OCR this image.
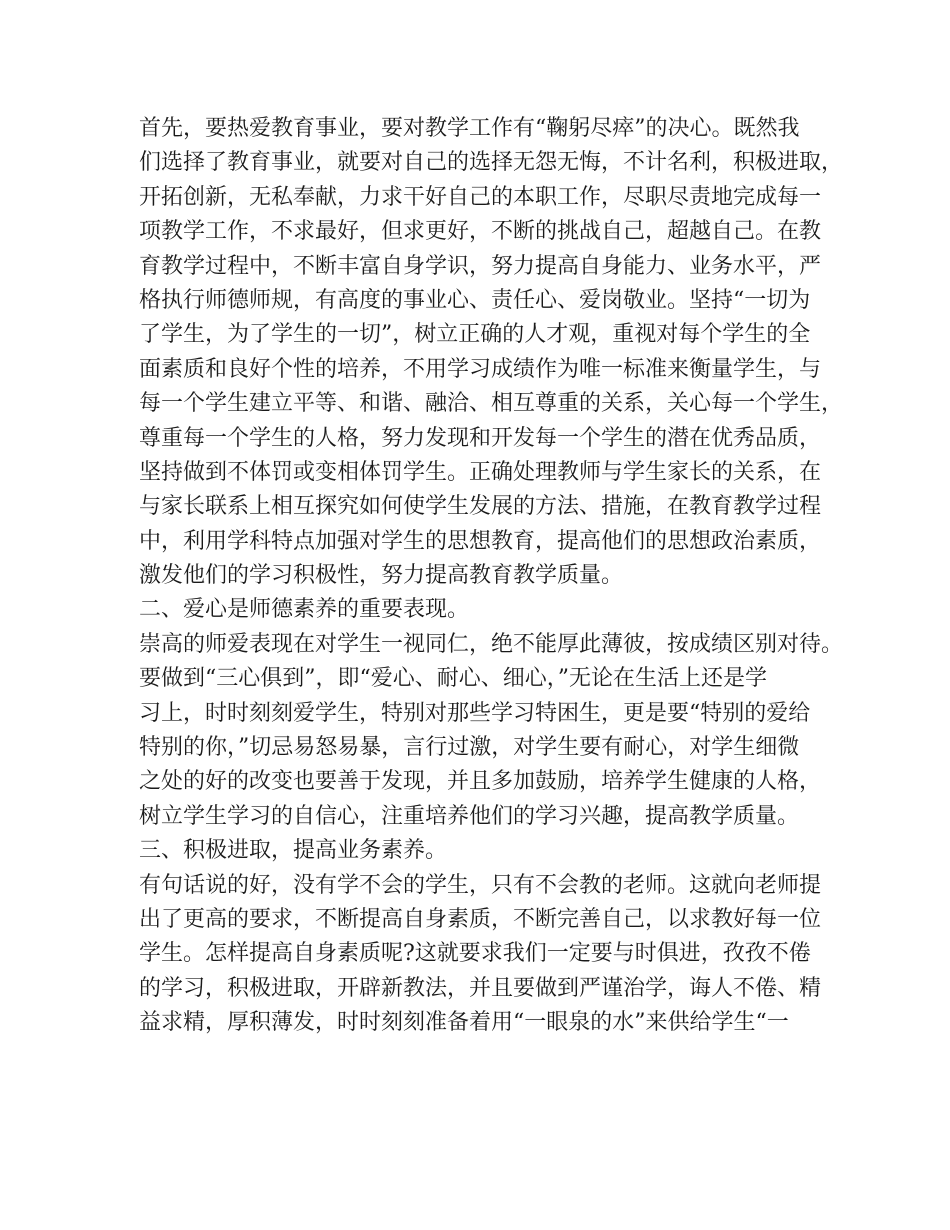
首先，要热爱教育事业，要对教学工作有“鞠躬尽瘁”的决心。既然我
们选择了教育事业，就要对自己的选择无怨无悔，不计名利，积极进取，
开拓创新，无私奉献，力求干好自己的本职工作，尽职尽责地完成每一
项教学工作，不求最好，但求更好，不断的挑战自己，超越自己。在教
育教学过程中，不断丰富自身学识，努力提高自身能力、业务水平，严
格执行师德师规，有高度的事业心、责任心、爱岗敬业。坚持“一切为
了学生，为了学生的一切”，树立正确的人才观，重视对每个学生的全
面素质和良好个性的培养，不用学习成绩作为唯一标准来衡量学生，与
每一个学生建立平等、和谐、融洽、相互尊重的关系，关心每一个学生，
尊重每一个学生的人格，努力发现和开发每一个学生的潜在优秀品质，
坚持做到不体罚或变相体罚学生。正确处理教师与学生家长的关系，在
与家长联系上相互探究如何使学生发展的方法、措施，在教育教学过程
中，利用学科特点加强对学生的思想教育，提高他们的思想政治素质，
激发他们的学习积极性，努力提高教育教学质量。
二、爱心是师德素养的重要表现。
崇高的师爱表现在对学生一视同仁，绝不能厚此薄彼，按成绩区别对待。
要做到“三心俱到”，即“爱心、耐心、细心，”无论在生活上还是学
习上，时时刻刻爱学生，特别对那些学习特困生，更是要“特别的爱给
特别的你，”切忌易怒易暴，言行过激，对学生要有耐心，对学生细微
之处的好的改变也要善于发现，并且多加鼓励，培养学生健康的人格，
树立学生学习的自信心，注重培养他们的学习兴趣，提高教学质量。
三、积极进取，提高业务素养。
有句话说的好，没有学不会的学生，只有不会教的老师。这就向老师提
出了更高的要求，不断提高自身素质，不断完善自己，以求教好每一位
学生。怎样提高自身素质呢?这就要求我们一定要与时俱进，孜孜不倦
的学习，积极进取，开辟新教法，并且要做到严谨治学，诲人不倦、精
益求精，厚积薄发，时时刻刻准备着用“一眼泉的水”来供给学生“一
